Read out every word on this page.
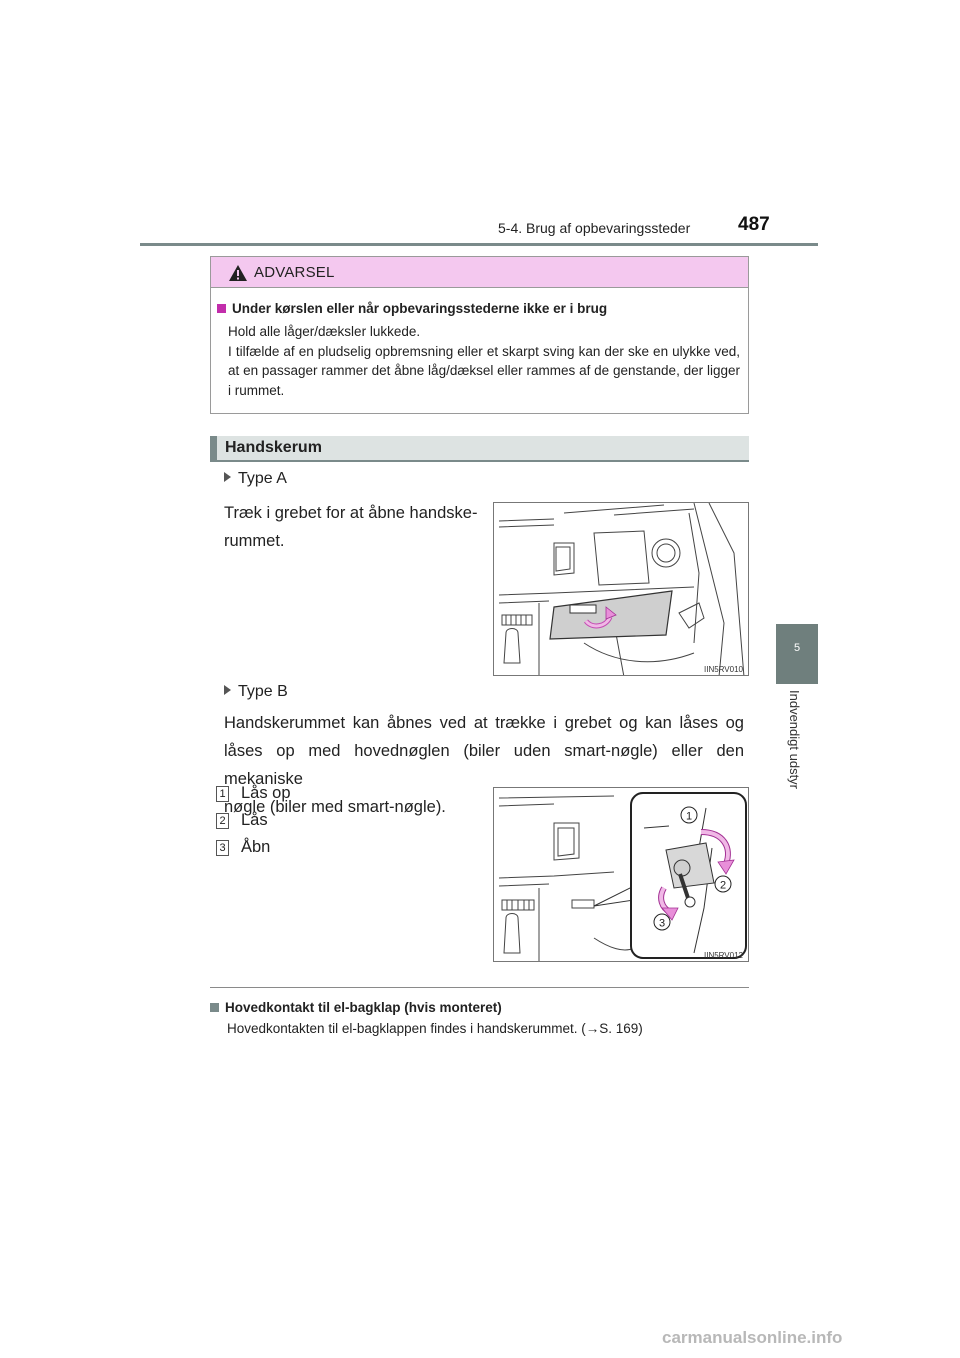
5-4. Brug af opbevaringssteder	487
5
Indvendigt udstyr
ADVARSEL
Under kørslen eller når opbevaringsstederne ikke er i brug
Hold alle låger/dæksler lukkede.
I tilfælde af en pludselig opbremsning eller et skarpt sving kan der ske en ulykke ved, at en passager rammer det åbne låg/dæksel eller rammes af de genstande, der ligger i rummet.
Handskerum
Type A
Træk i grebet for at åbne handske-
rummet.
IIN5RV010
Type B
Handskerummet kan åbnes ved at trække i grebet og kan låses og
låses op med hovednøglen (biler uden smart-nøgle) eller den mekaniske
nøgle (biler med smart-nøgle).
1 Lås op
2 Lås
3 Åbn
1
2
3
IIN5RV012
Hovedkontakt til el-bagklap (hvis monteret)
Hovedkontakten til el-bagklappen findes i handskerummet. (→S. 169)
carmanualsonline.info
